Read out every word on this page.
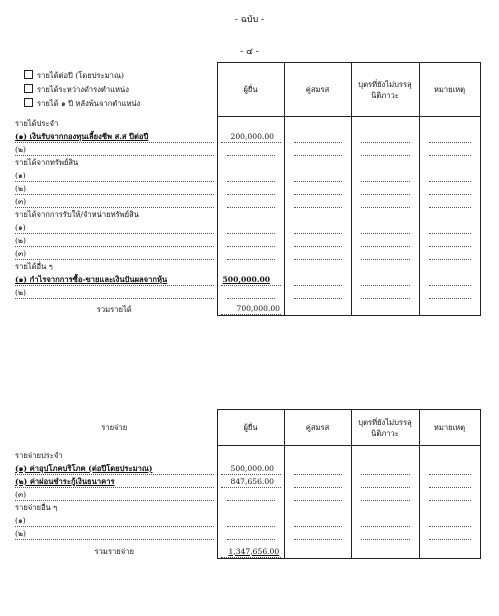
- ฉบับ -
- ๔ -
รายได้ต่อปี (โดยประมาณ)
รายได้ระหว่างดำรงตำแหน่ง
รายได้ ๑ ปี หลังพ้นจากตำแหน่ง	ผู้ยื่น	คู่สมรส	บุตรที่ยังไม่บรรลุนิติภาวะ	หมายเหตุ
รายได้ประจำ				

(๑) เงินรับจากกองทุนเลี้ยงชีพ ส.ส ปีต่อปี	200,000.00			

(๒)				

รายได้จากทรัพย์สิน				

(๑)				

(๒)				

(๓)				

รายได้จากการรับให้/จำหน่ายทรัพย์สิน				

(๑)				

(๒)				

(๓)				

รายได้อื่น ๆ				

(๑) กำไรจากการซื้อ-ขายและเงินปันผลจากหุ้น	500,000.00			

(๒)				

รวมรายได้	700,000.00			

รายจ่าย	ผู้ยื่น	คู่สมรส	บุตรที่ยังไม่บรรลุนิติภาวะ	หมายเหตุ
รายจ่ายประจำ				

(๑) ค่าอุปโภคบริโภค (ต่อปีโดยประมาณ)	500,000.00			

(๒) ค่าผ่อนชำระกู้เงินธนาคาร	847,656.00			

(๓)				

รายจ่ายอื่น ๆ				

(๑)				

(๒)				

รวมรายจ่าย	1,347,656.00			
